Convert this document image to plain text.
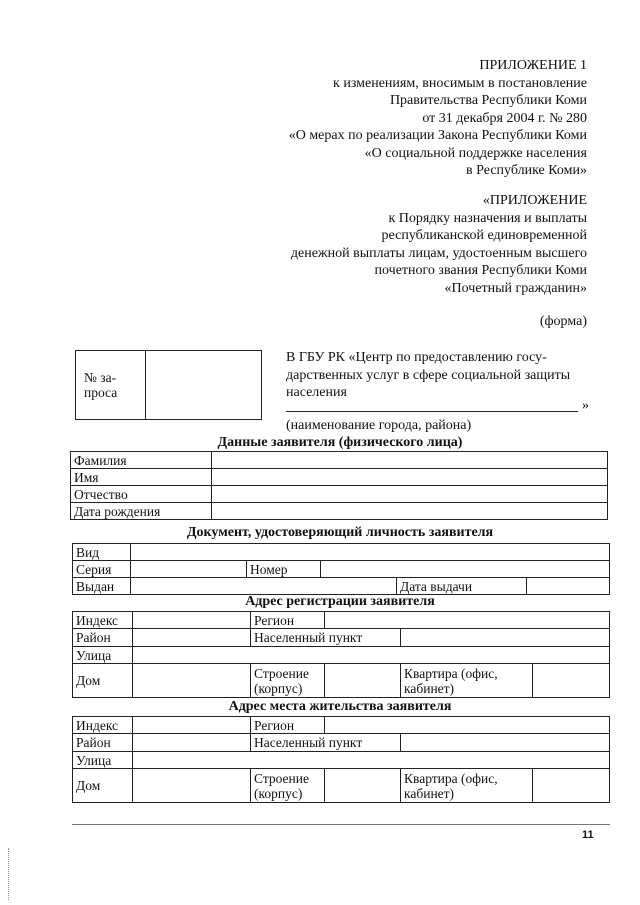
ПРИЛОЖЕНИЕ 1
к изменениям, вносимым в постановление
Правительства Республики Коми
от 31 декабря 2004 г. № 280
«О мерах по реализации Закона Республики Коми
«О социальной поддержке населения
в Республике Коми»
«ПРИЛОЖЕНИЕ
к Порядку назначения и выплаты
республиканской единовременной
денежной выплаты лицам, удостоенным высшего
почетного звания Республики Коми
«Почетный гражданин»
(форма)
№ за-
проса

В ГБУ РК «Центр по предоставлению госу-
дарственных услуг в сфере социальной защиты
населения
»
(наименование города, района)
Данные заявителя (физического лица)
Фамилия	
Имя	
Отчество	
Дата рождения	
Документ, удостоверяющий личность заявителя
Вид					
Серия		Номер			
Выдан				Дата выдачи	
Адрес регистрации заявителя
Индекс		Регион		
Район		Населенный пункт		
Улица				
Дом		Строение (корпус)		Квартира (офис, кабинет)
Адрес места жительства заявителя
Индекс		Регион		
Район		Населенный пункт		
Улица				
Дом		Строение (корпус)		Квартира (офис, кабинет)
11
